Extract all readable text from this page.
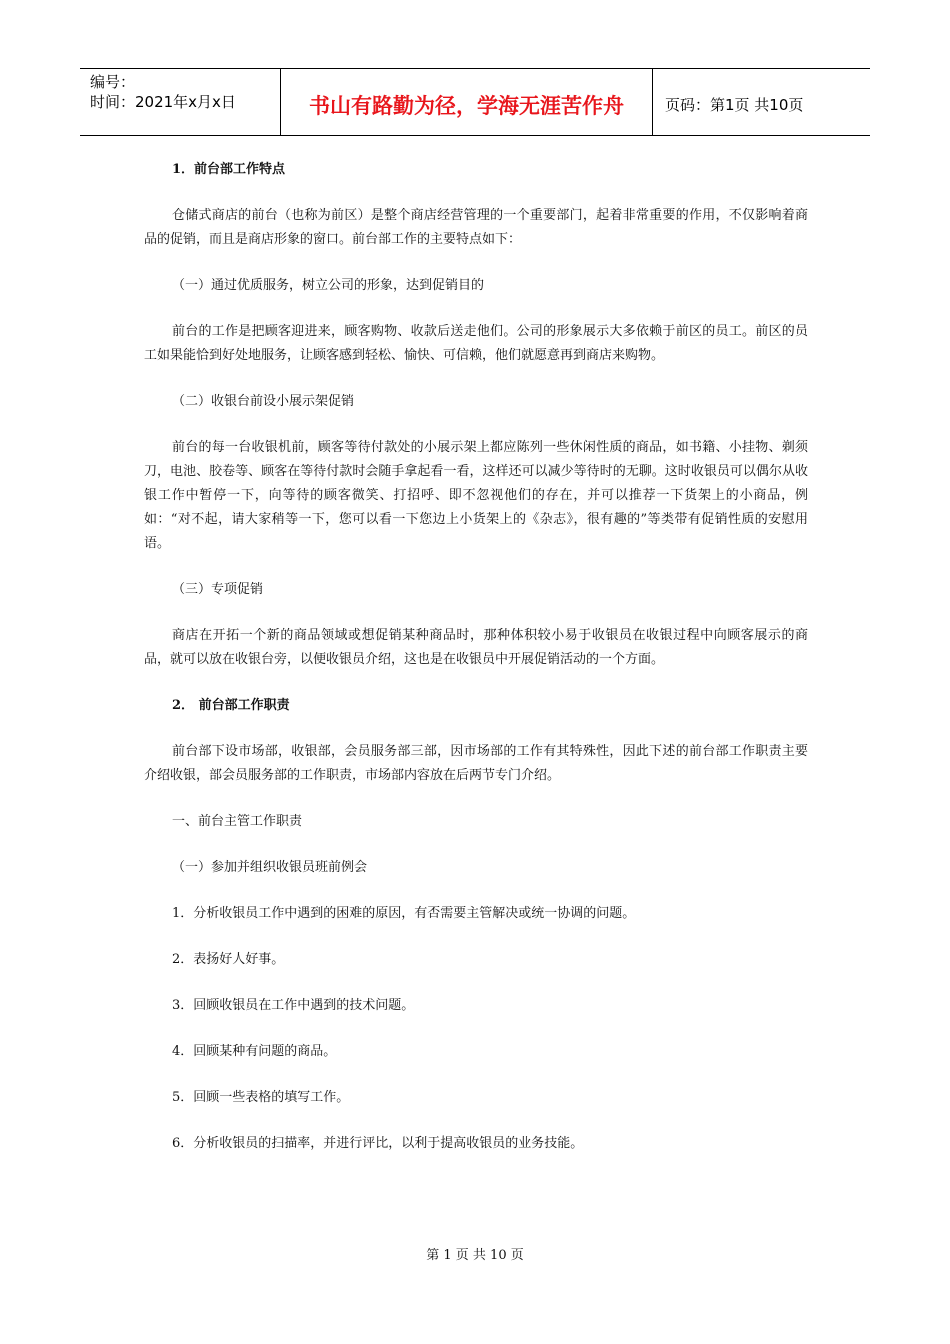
编号：
时间：2021年x月x日	书山有路勤为径，学海无涯苦作舟	页码：第1页 共10页

1．前台部工作特点

仓储式商店的前台（也称为前区）是整个商店经营管理的一个重要部门，起着非常重要的作用，不仅影响着商品的促销，而且是商店形象的窗口。前台部工作的主要特点如下：

（一）通过优质服务，树立公司的形象，达到促销目的

前台的工作是把顾客迎进来，顾客购物、收款后送走他们。公司的形象展示大多依赖于前区的员工。前区的员工如果能恰到好处地服务，让顾客感到轻松、愉快、可信赖，他们就愿意再到商店来购物。

（二）收银台前设小展示架促销

前台的每一台收银机前，顾客等待付款处的小展示架上都应陈列一些休闲性质的商品，如书籍、小挂物、剃须刀，电池、胶卷等、顾客在等待付款时会随手拿起看一看，这样还可以减少等待时的无聊。这时收银员可以偶尔从收银工作中暂停一下，向等待的顾客微笑、打招呼、即不忽视他们的存在，并可以推荐一下货架上的小商品，例如：“对不起，请大家稍等一下，您可以看一下您边上小货架上的《杂志》，很有趣的”等类带有促销性质的安慰用语。

（三）专项促销

商店在开拓一个新的商品领域或想促销某种商品时，那种体积较小易于收银员在收银过程中向顾客展示的商品，就可以放在收银台旁，以便收银员介绍，这也是在收银员中开展促销活动的一个方面。

2． 前台部工作职责

前台部下设市场部，收银部，会员服务部三部，因市场部的工作有其特殊性，因此下述的前台部工作职责主要介绍收银，部会员服务部的工作职责，市场部内容放在后两节专门介绍。

一、前台主管工作职责

（一）参加并组织收银员班前例会

1．分析收银员工作中遇到的困难的原因，有否需要主管解决或统一协调的问题。

2．表扬好人好事。

3．回顾收银员在工作中遇到的技术问题。

4．回顾某种有问题的商品。

5．回顾一些表格的填写工作。

6．分析收银员的扫描率，并进行评比，以利于提高收银员的业务技能。

第 1 页 共 10 页
